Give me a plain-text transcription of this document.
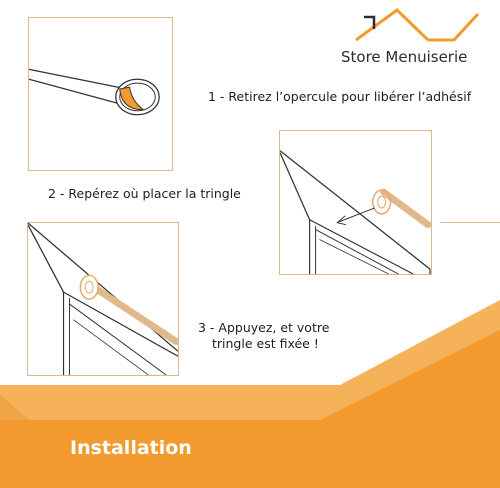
Store Menuiserie
1 - Retirez l’opercule pour libérer l’adhésif
2 - Repérez où placer la tringle
3 - Appuyez, et votre
tringle est fixée !
Installation
